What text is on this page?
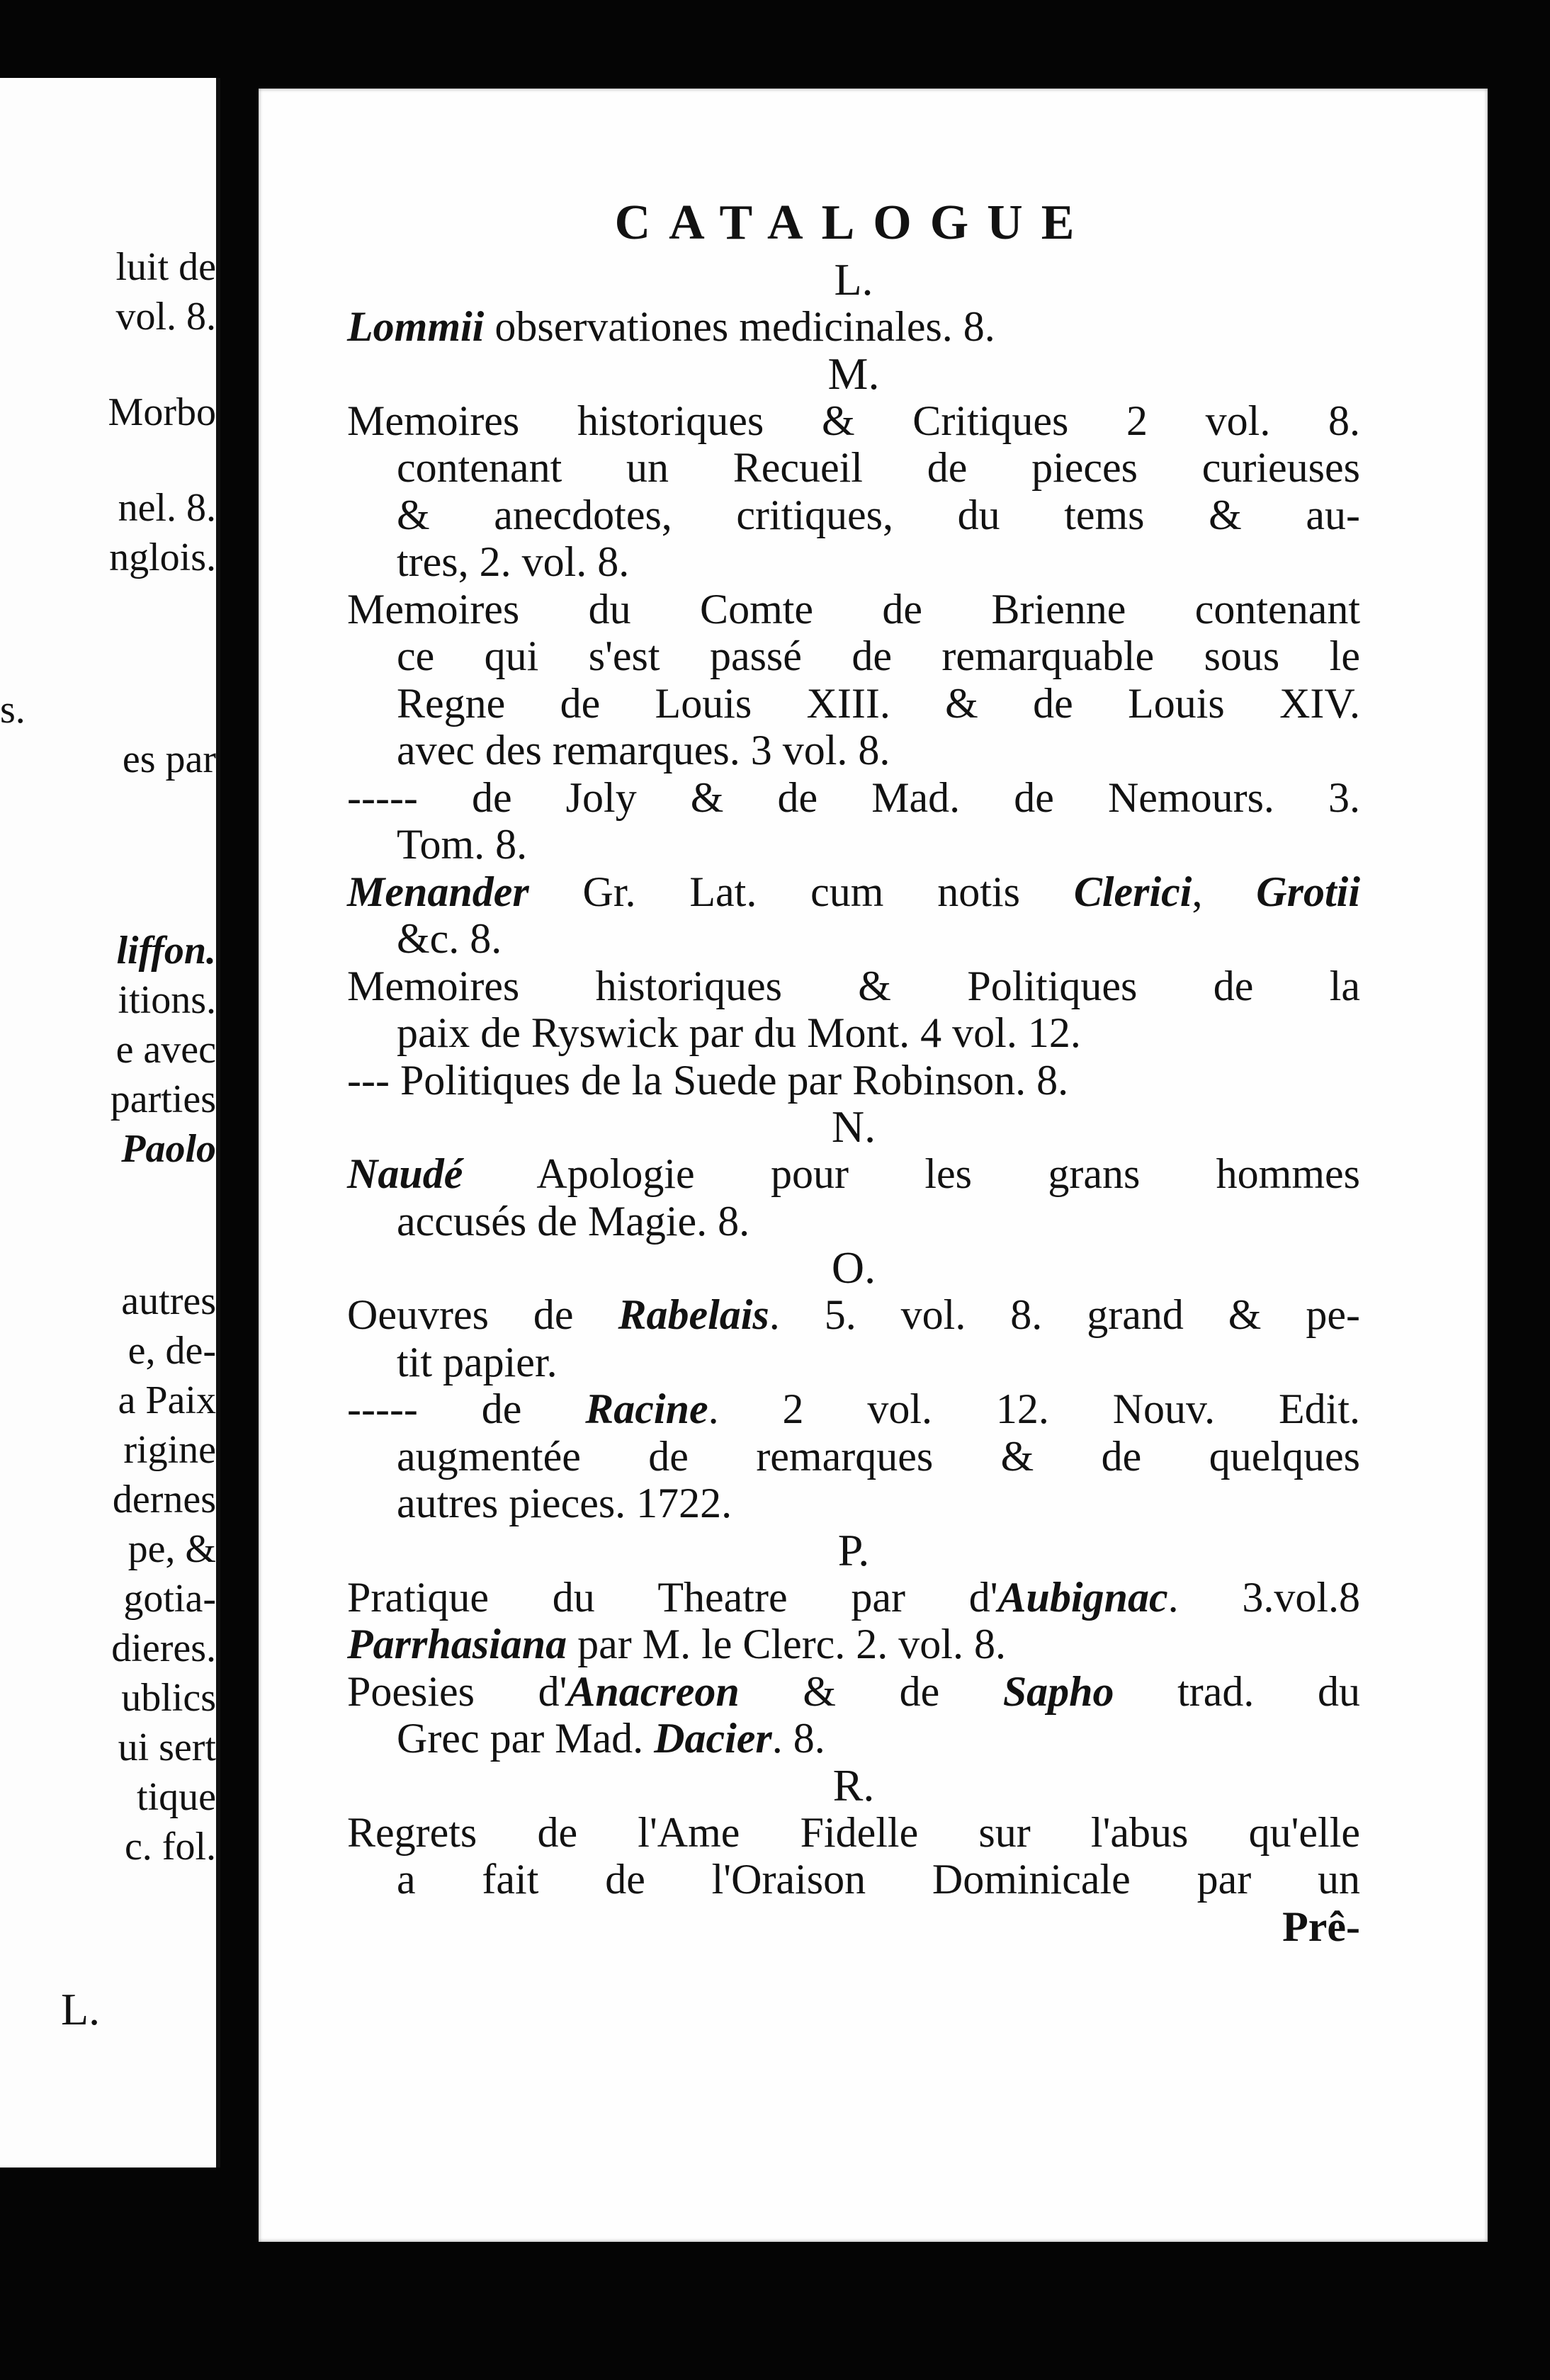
luit de
vol. 8.
Morbo
nel. 8.
nglois.
s.
es par
liffon.
itions.
e avec
parties
Paolo
autres
e, de-
a Paix
rigine
dernes
pe, &
gotia-
dieres.
ublics
ui sert
tique
c. fol.
L.
CATALOGUE
L.
Lommii observationes medicinales. 8.
M.
Memoires historiques & Critiques 2 vol. 8.
contenant un Recueil de pieces curieuses
& anecdotes, critiques, du tems & au-
tres, 2. vol. 8.
Memoires du Comte de Brienne contenant
ce qui s'est passé de remarquable sous le
Regne de Louis XIII. & de Louis XIV.
avec des remarques. 3 vol. 8.
----- de Joly & de Mad. de Nemours. 3.
Tom. 8.
Menander Gr. Lat. cum notis Clerici, Grotii
&c. 8.
Memoires historiques & Politiques de la
paix de Ryswick par du Mont. 4 vol. 12.
--- Politiques de la Suede par Robinson. 8.
N.
Naudé Apologie pour les grans hommes
accusés de Magie. 8.
O.
Oeuvres de Rabelais. 5. vol. 8. grand & pe-
tit papier.
----- de Racine. 2 vol. 12. Nouv. Edit.
augmentée de remarques & de quelques
autres pieces. 1722.
P.
Pratique du Theatre par d'Aubignac. 3.vol.8
Parrhasiana par M. le Clerc. 2. vol. 8.
Poesies d'Anacreon & de Sapho trad. du
Grec par Mad. Dacier. 8.
R.
Regrets de l'Ame Fidelle sur l'abus qu'elle
a fait de l'Oraison Dominicale par un
Prê-
